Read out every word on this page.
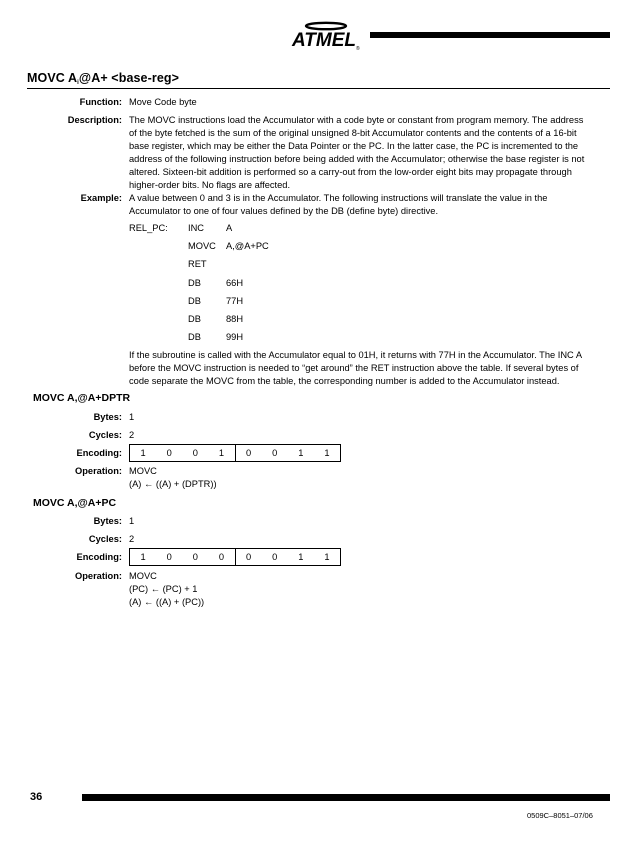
ATMEL ®
MOVC $A_i@A+$ <base-reg>
Function: Move Code byte
Description: The MOVC instructions load the Accumulator with a code byte or constant from program memory. The address
of the byte fetched is the sum of the original unsigned 8-bit Accumulator contents and the contents of a 16-bit
base register, which may be either the Data Pointer or the PC. In the latter case, the PC is incremented to the
address of the following instruction before being added with the Accumulator; otherwise the base register is not
altered. Sixteen-bit addition is performed so a carry-out from the low-order eight bits may propagate through
higher-order bits. No flags are affected.
Example: A value between 0 and 3 is in the Accumulator. The following instructions will translate the value in the
Accumulator to one of four values defined by the DB (define byte) directive.
REL_PC: INC A
MOVC A,@A+PC
RET
DB	66H
DB	77H
DB	88H
DB	99H
If the subroutine is called with the Accumulator equal to 01H, it returns with 77H in the Accumulator. The INC A
before the MOVC instruction is needed to “get around” the RET instruction above the table. If several bytes of
code separate the MOVC from the table, the corresponding number is added to the Accumulator instead.
MOVC A,@A+DPTR
Bytes: 1
Cycles: 2
Encoding:	1	0	0	1	0	0	1	1
Operation: MOVC
(A) ← ((A) + (DPTR))
MOVC A,@A+PC
Bytes: 1
Cycles: 2
Encoding:	1	0	0	0	0	0	1	1
Operation: MOVC
(PC) ← (PC) + 1
(A) ← ((A) + (PC))
36
0509C–8051–07/06
